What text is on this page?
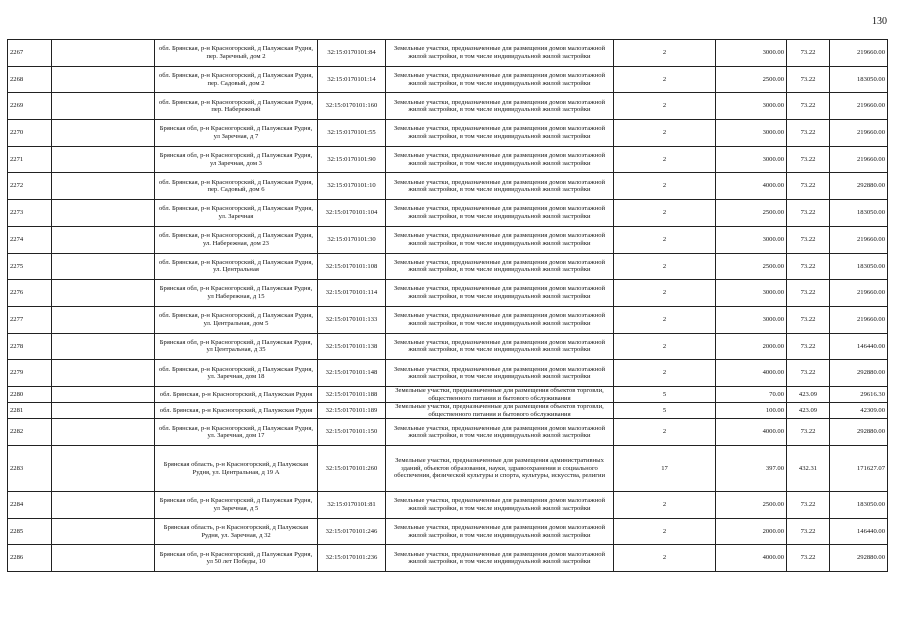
130
2267		обл. Брянская, р-н Красногорский, д Палужская Рудня, пер. Заречный, дом 2	32:15:0170101:84	Земельные участки, предназначенные для размещения домов малоэтажной жилой застройки, в том числе индивидуальной жилой застройки	2	3000.00	73.22	219660.00
2268		обл. Брянская, р-н Красногорский, д Палужская Рудня, пер. Садовый, дом 2	32:15:0170101:14	Земельные участки, предназначенные для размещения домов малоэтажной жилой застройки, в том числе индивидуальной жилой застройки	2	2500.00	73.22	183050.00
2269		обл. Брянская, р-н Красногорский, д Палужская Рудня, пер. Набережный	32:15:0170101:160	Земельные участки, предназначенные для размещения домов малоэтажной жилой застройки, в том числе индивидуальной жилой застройки	2	3000.00	73.22	219660.00
2270		Брянская обл, р-н Красногорский, д Палужская Рудня, ул Заречная, д 7	32:15:0170101:55	Земельные участки, предназначенные для размещения домов малоэтажной жилой застройки, в том числе индивидуальной жилой застройки	2	3000.00	73.22	219660.00
2271		Брянская обл, р-н Красногорский, д Палужская Рудня, ул Заречная, дом 3	32:15:0170101:90	Земельные участки, предназначенные для размещения домов малоэтажной жилой застройки, в том числе индивидуальной жилой застройки	2	3000.00	73.22	219660.00
2272		обл. Брянская, р-н Красногорский, д Палужская Рудня, пер. Садовый, дом 6	32:15:0170101:10	Земельные участки, предназначенные для размещения домов малоэтажной жилой застройки, в том числе индивидуальной жилой застройки	2	4000.00	73.22	292880.00
2273		обл. Брянская, р-н Красногорский, д Палужская Рудня, ул. Заречная	32:15:0170101:104	Земельные участки, предназначенные для размещения домов малоэтажной жилой застройки, в том числе индивидуальной жилой застройки	2	2500.00	73.22	183050.00
2274		обл. Брянская, р-н Красногорский, д Палужская Рудня, ул. Набережная, дом 23	32:15:0170101:30	Земельные участки, предназначенные для размещения домов малоэтажной жилой застройки, в том числе индивидуальной жилой застройки	2	3000.00	73.22	219660.00
2275		обл. Брянская, р-н Красногорский, д Палужская Рудня, ул. Центральная	32:15:0170101:108	Земельные участки, предназначенные для размещения домов малоэтажной жилой застройки, в том числе индивидуальной жилой застройки	2	2500.00	73.22	183050.00
2276		Брянская обл, р-н Красногорский, д Палужская Рудня, ул Набережная, д 15	32:15:0170101:114	Земельные участки, предназначенные для размещения домов малоэтажной жилой застройки, в том числе индивидуальной жилой застройки	2	3000.00	73.22	219660.00
2277		обл. Брянская, р-н Красногорский, д Палужская Рудня, ул. Центральная, дом 5	32:15:0170101:133	Земельные участки, предназначенные для размещения домов малоэтажной жилой застройки, в том числе индивидуальной жилой застройки	2	3000.00	73.22	219660.00
2278		Брянская обл, р-н Красногорский, д Палужская Рудня, ул Центральная, д 35	32:15:0170101:138	Земельные участки, предназначенные для размещения домов малоэтажной жилой застройки, в том числе индивидуальной жилой застройки	2	2000.00	73.22	146440.00
2279		обл. Брянская, р-н Красногорский, д Палужская Рудня, ул. Заречная, дом 18	32:15:0170101:148	Земельные участки, предназначенные для размещения домов малоэтажной жилой застройки, в том числе индивидуальной жилой застройки	2	4000.00	73.22	292880.00
2280		обл. Брянская, р-н Красногорский, д Палужская Рудня	32:15:0170101:188	Земельные участки, предназначенные для размещения объектов торговли, общественного питания и бытового обслуживания	5	70.00	423.09	29616.30
2281		обл. Брянская, р-н Красногорский, д Палужская Рудня	32:15:0170101:189	Земельные участки, предназначенные для размещения объектов торговли, общественного питания и бытового обслуживания	5	100.00	423.09	42309.00
2282		обл. Брянская, р-н Красногорский, д Палужская Рудня, ул. Заречная, дом 17	32:15:0170101:150	Земельные участки, предназначенные для размещения домов малоэтажной жилой застройки, в том числе индивидуальной жилой застройки	2	4000.00	73.22	292880.00
2283		Брянская область, р-н Красногорский, д Палужская Рудня, ул. Центральная, д 19 А	32:15:0170101:260	Земельные участки, предназначенные для размещения административных зданий, объектов образования, науки, здравоохранения и социального обеспечения, физической культуры и спорта, культуры, искусства, религии	17	397.00	432.31	171627.07
2284		Брянская обл, р-н Красногорский, д Палужская Рудня, ул Заречная, д 5	32:15:0170101:81	Земельные участки, предназначенные для размещения домов малоэтажной жилой застройки, в том числе индивидуальной жилой застройки	2	2500.00	73.22	183050.00
2285		Брянская область, р-н Красногорский, д Палужская Рудня, ул. Заречная, д 32	32:15:0170101:246	Земельные участки, предназначенные для размещения домов малоэтажной жилой застройки, в том числе индивидуальной жилой застройки	2	2000.00	73.22	146440.00
2286		Брянская обл, р-н Красногорский, д Палужская Рудня, ул 50 лет Победы, 10	32:15:0170101:236	Земельные участки, предназначенные для размещения домов малоэтажной жилой застройки, в том числе индивидуальной жилой застройки	2	4000.00	73.22	292880.00
